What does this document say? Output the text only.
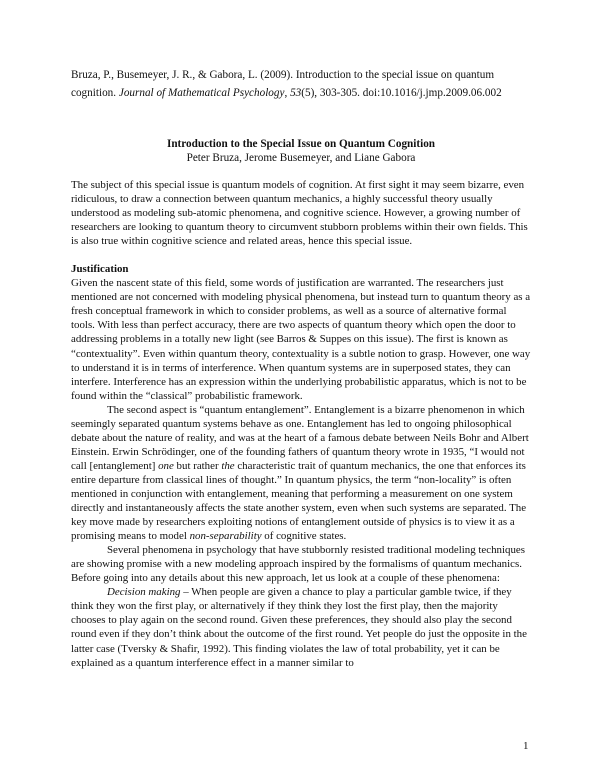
Bruza, P., Busemeyer, J. R., & Gabora, L. (2009). Introduction to the special issue on quantum cognition. Journal of Mathematical Psychology, 53(5), 303-305. doi:10.1016/j.jmp.2009.06.002
Introduction to the Special Issue on Quantum Cognition
Peter Bruza, Jerome Busemeyer, and Liane Gabora

The subject of this special issue is quantum models of cognition. At first sight it may seem bizarre, even ridiculous, to draw a connection between quantum mechanics, a highly successful theory usually understood as modeling sub-atomic phenomena, and cognitive science. However, a growing number of researchers are looking to quantum theory to circumvent stubborn problems within their own fields. This is also true within cognitive science and related areas, hence this special issue.

Justification

Given the nascent state of this field, some words of justification are warranted. The researchers just mentioned are not concerned with modeling physical phenomena, but instead turn to quantum theory as a fresh conceptual framework in which to consider problems, as well as a source of alternative formal tools. With less than perfect accuracy, there are two aspects of quantum theory which open the door to addressing problems in a totally new light (see Barros & Suppes on this issue). The first is known as “contextuality”. Even within quantum theory, contextuality is a subtle notion to grasp. However, one way to understand it is in terms of interference. When quantum systems are in superposed states, they can interfere. Interference has an expression within the underlying probabilistic apparatus, which is not to be found within the “classical” probabilistic framework.

The second aspect is “quantum entanglement”. Entanglement is a bizarre phenomenon in which seemingly separated quantum systems behave as one. Entanglement has led to ongoing philosophical debate about the nature of reality, and was at the heart of a famous debate between Neils Bohr and Albert Einstein. Erwin Schrödinger, one of the founding fathers of quantum theory wrote in 1935, “I would not call [entanglement] one but rather the characteristic trait of quantum mechanics, the one that enforces its entire departure from classical lines of thought.” In quantum physics, the term “non-locality” is often mentioned in conjunction with entanglement, meaning that performing a measurement on one system directly and instantaneously affects the state another system, even when such systems are separated. The key move made by researchers exploiting notions of entanglement outside of physics is to view it as a promising means to model non-separability of cognitive states.

Several phenomena in psychology that have stubbornly resisted traditional modeling techniques are showing promise with a new modeling approach inspired by the formalisms of quantum mechanics. Before going into any details about this new approach, let us look at a couple of these phenomena:

Decision making – When people are given a chance to play a particular gamble twice, if they think they won the first play, or alternatively if they think they lost the first play, then the majority chooses to play again on the second round. Given these preferences, they should also play the second round even if they don’t think about the outcome of the first round. Yet people do just the opposite in the latter case (Tversky & Shafir, 1992). This finding violates the law of total probability, yet it can be explained as a quantum interference effect in a manner similar to

1
